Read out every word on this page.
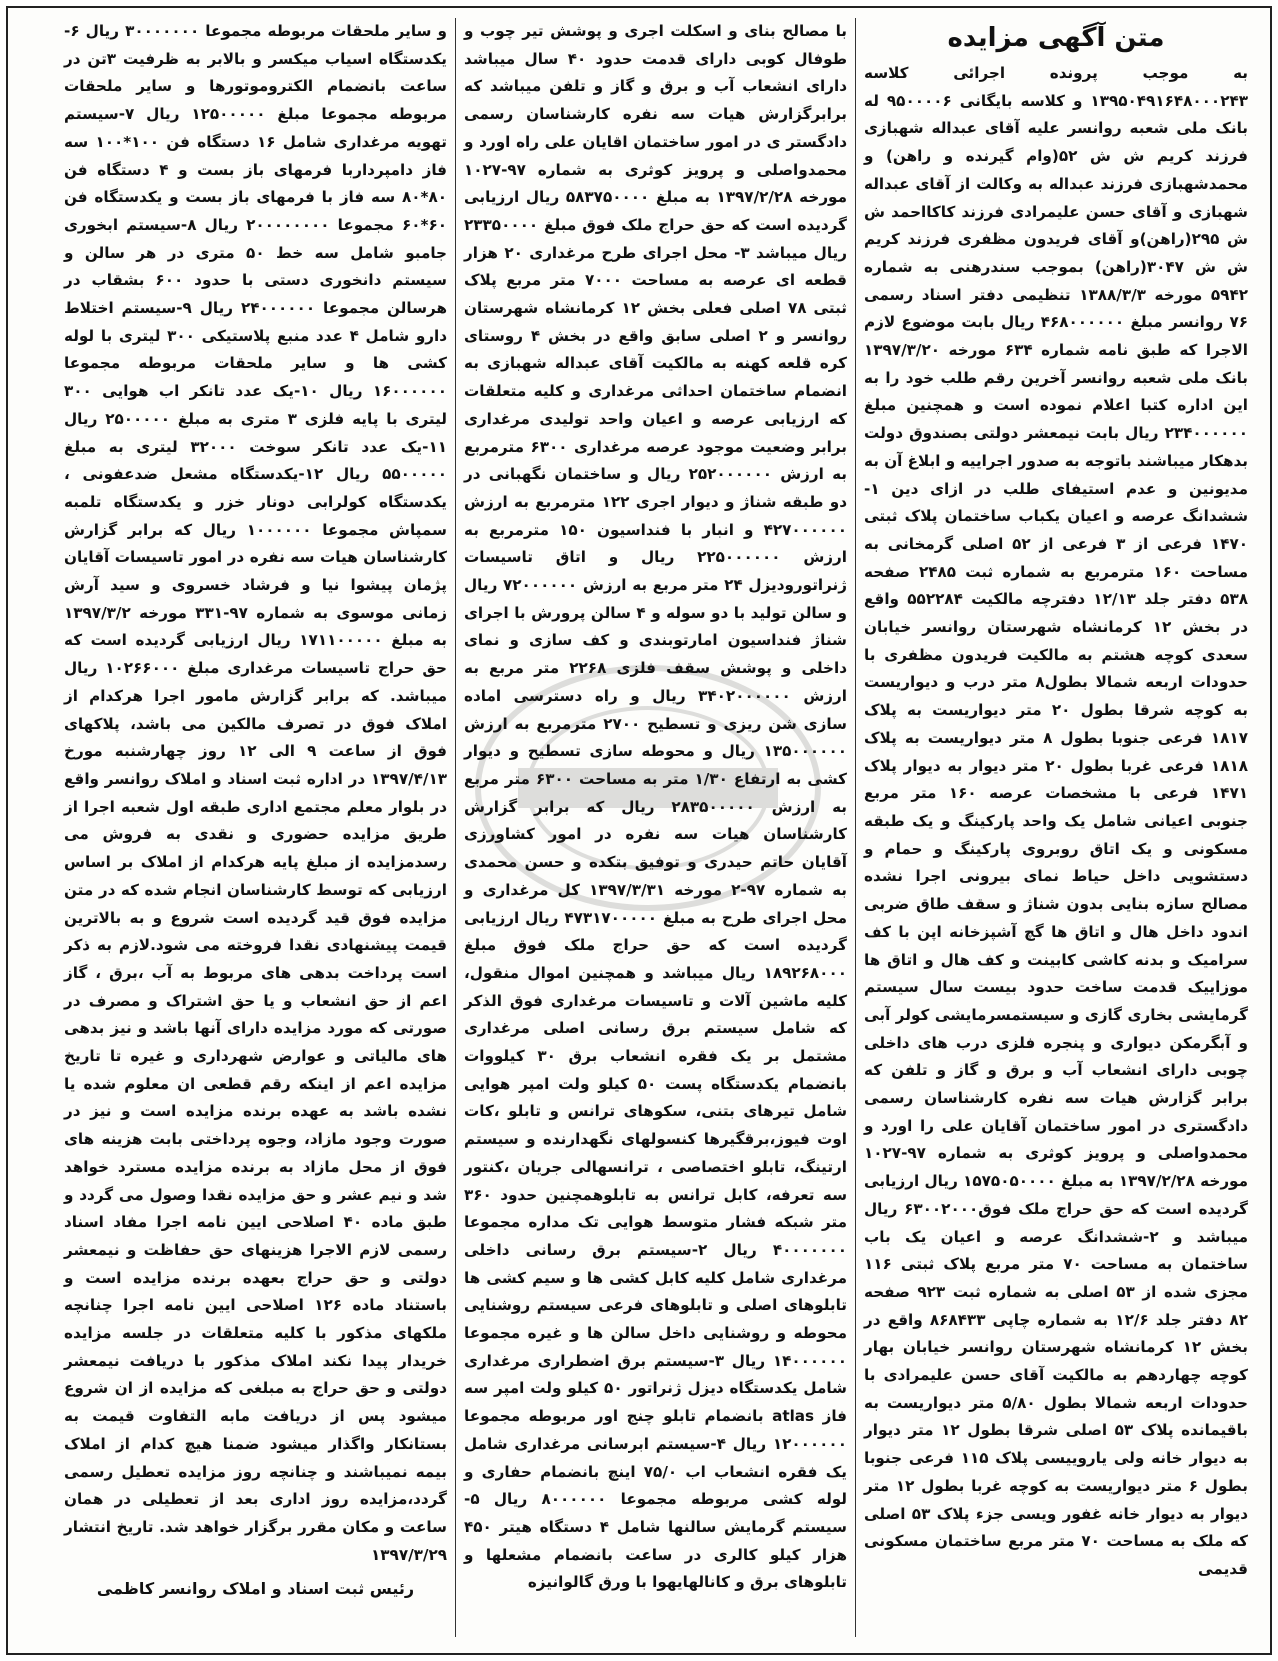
متن آگهی مزایده

به موجب پرونده اجرائی کلاسه ۱۳۹۵۰۴۹۱۶۴۸۰۰۰۲۴۳ و کلاسه بایگانی ۹۵۰۰۰۰۶ له بانک ملی شعبه روانسر علیه آقای عبداله شهبازی فرزند کریم ش ش ۵۲(وام گیرنده و راهن) و محمدشهبازی فرزند عبداله به وکالت از آقای عبداله شهبازی و آقای حسن علیمرادی فرزند کاکااحمد ش ش ۲۹۵(راهن)و آقای فریدون مظفری فرزند کریم ش ش ۳۰۴۷(راهن) بموجب سندرهنی به شماره ۵۹۴۲ مورخه ۱۳۸۸/۳/۳ تنظیمی دفتر اسناد رسمی ۷۶ روانسر مبلغ ۴۶۸۰۰۰۰۰۰ ریال بابت موضوع لازم الاجرا که طبق نامه شماره ۶۳۴ مورخه ۱۳۹۷/۳/۲۰ بانک ملی شعبه روانسر آخرین رقم طلب خود را به این اداره کتبا اعلام نموده است و همچنین مبلغ ۲۳۴۰۰۰۰۰۰ ریال بابت نیمعشر دولتی بصندوق دولت بدهکار میباشند باتوجه به صدور اجراییه و ابلاغ آن به مدیونین و عدم استیفای طلب در ازای دین ۱-ششدانگ عرصه و اعیان یکباب ساختمان پلاک ثبتی ۱۴۷۰ فرعی از ۳ فرعی از ۵۲ اصلی گرمخانی به مساحت ۱۶۰ مترمربع به شماره ثبت ۲۴۸۵ صفحه ۵۳۸ دفتر جلد ۱۲/۱۳ دفترچه مالکیت ۵۵۲۲۸۴ واقع در بخش ۱۲ کرمانشاه شهرستان روانسر خیابان سعدی کوچه هشتم به مالکیت فریدون مظفری با حدودات اربعه شمالا بطول۸ متر درب و دیواریست به کوچه شرقا بطول ۲۰ متر دیواریست به پلاک ۱۸۱۷ فرعی جنوبا بطول ۸ متر دیواریست به پلاک ۱۸۱۸ فرعی غربا بطول ۲۰ متر دیوار به دیوار پلاک ۱۴۷۱ فرعی با مشخصات عرصه ۱۶۰ متر مربع جنوبی اعیانی شامل یک واحد پارکینگ و یک طبقه مسکونی و یک اتاق روبروی پارکینگ و حمام و دستشویی داخل حیاط نمای بیرونی اجرا نشده مصالح سازه بنایی بدون شناژ و سقف طاق ضربی اندود داخل هال و اتاق ها گچ آشپزخانه اپن با کف سرامیک و بدنه کاشی کابینت و کف هال و اتاق ها موزاییک قدمت ساخت حدود بیست سال سیستم گرمایشی بخاری گازی و سیستمسرمایشی کولر آبی و آبگرمکن دیواری و پنجره فلزی درب های داخلی چوبی دارای انشعاب آب و برق و گاز و تلفن که برابر گزارش هیات سه نفره کارشناسان رسمی دادگستری در امور ساختمان آقایان علی را اورد و محمدواصلی و پرویز کوثری به شماره ۹۷-۱۰۲۷ مورخه ۱۳۹۷/۲/۲۸ به مبلغ ۱۵۷۵۰۵۰۰۰۰ ریال ارزیابی گردیده است که حق حراج ملک فوق۶۳۰۰۲۰۰۰ ریال میباشد و ۲-ششدانگ عرصه و اعیان یک باب ساختمان به مساحت ۷۰ متر مربع پلاک ثبتی ۱۱۶ مجزی شده از ۵۳ اصلی به شماره ثبت ۹۲۳ صفحه ۸۲ دفتر جلد ۱۲/۶ به شماره چاپی ۸۶۸۴۳۳ واقع در بخش ۱۲ کرمانشاه شهرستان روانسر خیابان بهار کوچه چهاردهم به مالکیت آقای حسن علیمرادی با حدودات اربعه شمالا بطول ۵/۸۰ متر دیواریست به باقیمانده پلاک ۵۳ اصلی شرقا بطول ۱۲ متر دیوار به دیوار خانه ولی یاروییسی پلاک ۱۱۵ فرعی جنوبا بطول ۶ متر دیواریست به کوچه غربا بطول ۱۲ متر دیوار به دیوار خانه غفور ویسی جزء پلاک ۵۳ اصلی که ملک به مساحت ۷۰ متر مربع ساختمان مسکونی قدیمی

با مصالح بنای و اسکلت اجری و پوشش تیر چوب و طوفال کوبی دارای قدمت حدود ۴۰ سال میباشد دارای انشعاب آب و برق و گاز و تلفن میباشد که برابرگزارش هیات سه نفره کارشناسان رسمی دادگستر ی در امور ساختمان اقایان علی راه اورد و محمدواصلی و پرویز کوثری به شماره ۹۷-۱۰۲۷ مورخه ۱۳۹۷/۲/۲۸ به مبلغ ۵۸۳۷۵۰۰۰۰ ریال ارزیابی گردیده است که حق حراج ملک فوق مبلغ ۲۳۳۵۰۰۰۰ ریال میباشد ۳- محل اجرای طرح مرغداری ۲۰ هزار قطعه ای عرصه به مساحت ۷۰۰۰ متر مربع پلاک ثبتی ۷۸ اصلی فعلی بخش ۱۲ کرمانشاه شهرستان روانسر و ۲ اصلی سابق واقع در بخش ۴ روستای کره قلعه کهنه به مالکیت آقای عبداله شهبازی به انضمام ساختمان احداثی مرغداری و کلیه متعلقات که ارزیابی عرصه و اعیان واحد تولیدی مرغداری برابر وضعیت موجود عرصه مرغداری ۶۳۰۰ مترمربع به ارزش ۲۵۲۰۰۰۰۰۰ ریال و ساختمان نگهبانی در دو طبقه شناژ و دیوار اجری ۱۲۲ مترمربع به ارزش ۴۲۷۰۰۰۰۰۰ و انبار با فنداسیون ۱۵۰ مترمربع به ارزش ۲۲۵۰۰۰۰۰۰ ریال و اتاق تاسیسات ژنراتورودیزل ۲۴ متر مربع به ارزش ۷۲۰۰۰۰۰۰ ریال و سالن تولید با دو سوله و ۴ سالن پرورش با اجرای شناژ فنداسیون امارتوبندی و کف سازی و نمای داخلی و پوشش سقف فلزی ۲۲۶۸ متر مربع به ارزش ۳۴۰۲۰۰۰۰۰۰ ریال و راه دسترسی اماده سازی شن ریزی و تسطیح ۲۷۰۰ مترمربع به ارزش ۱۳۵۰۰۰۰۰۰ ریال و محوطه سازی تسطیح و دیوار کشی به ارتفاع ۱/۳۰ متر به مساحت ۶۳۰۰ متر مربع به ارزش ۲۸۳۵۰۰۰۰۰ ریال که برابر گزارش کارشناسان هیات سه نفره در امور کشاورزی آقایان حاتم حیدری و توفیق بتکده و حسن محمدی به شماره ۹۷-۲ مورخه ۱۳۹۷/۳/۳۱ کل مرغداری و محل اجرای طرح به مبلغ ۴۷۳۱۷۰۰۰۰۰ ریال ارزیابی گردیده است که حق حراج ملک فوق مبلغ ۱۸۹۲۶۸۰۰۰ ریال میباشد و همچنین اموال منقول، کلیه ماشین آلات و تاسیسات مرغداری فوق الذکر که شامل سیستم برق رسانی اصلی مرغداری مشتمل بر یک فقره انشعاب برق ۳۰ کیلووات بانضمام یکدستگاه پست ۵۰ کیلو ولت امپر هوایی شامل تیرهای بتنی، سکوهای ترانس و تابلو ،کات اوت فیوز،برقگیرها کنسولهای نگهدارنده و سیستم ارتینگ، تابلو اختصاصی ، ترانسهالی جریان ،کنتور سه تعرفه، کابل ترانس به تابلوهمچنین حدود ۳۶۰ متر شبکه فشار متوسط هوایی تک مداره مجموعا ۴۰۰۰۰۰۰۰ ریال ۲-سیستم برق رسانی داخلی مرغداری شامل کلیه کابل کشی ها و سیم کشی ها تابلوهای اصلی و تابلوهای فرعی سیستم روشنایی محوطه و روشنایی داخل سالن ها و غیره مجموعا ۱۴۰۰۰۰۰۰ ریال ۳-سیستم برق اضطراری مرغداری شامل یکدستگاه دیزل ژنراتور ۵۰ کیلو ولت امپر سه فاز atlas بانضمام تابلو چنج اور مربوطه مجموعا ۱۲۰۰۰۰۰۰ ریال ۴-سیستم ابرسانی مرغداری شامل یک فقره انشعاب اب ۷۵/۰ اینچ بانضمام حفاری و لوله کشی مربوطه مجموعا ۸۰۰۰۰۰۰ ریال ۵-سیستم گرمایش سالنها شامل ۴ دستگاه هیتر ۴۵۰ هزار کیلو کالری در ساعت بانضمام مشعلها و تابلوهای برق و کانالهایهوا با ورق گالوانیزه

و سایر ملحقات مربوطه مجموعا ۳۰۰۰۰۰۰۰ ریال ۶-یکدستگاه اسیاب میکسر و بالابر به ظرفیت ۳تن در ساعت بانضمام الکتروموتورها و سایر ملحقات مربوطه مجموعا مبلغ ۱۲۵۰۰۰۰۰ ریال ۷-سیستم تهویه مرغداری شامل ۱۶ دستگاه فن ۱۰۰*۱۰۰ سه فاز دامپرداربا فرمهای باز بست و ۴ دستگاه فن ۸۰*۸۰ سه فاز با فرمهای باز بست و یکدستگاه فن ۶۰*۶۰ مجموعا ۲۰۰۰۰۰۰۰۰ ریال ۸-سیستم ابخوری جامبو شامل سه خط ۵۰ متری در هر سالن و سیستم دانخوری دستی با حدود ۶۰۰ بشقاب در هرسالن مجموعا ۲۴۰۰۰۰۰۰ ریال ۹-سیستم اختلاط دارو شامل ۴ عدد منبع پلاستیکی ۳۰۰ لیتری با لوله کشی ها و سایر ملحقات مربوطه مجموعا ۱۶۰۰۰۰۰۰ ریال ۱۰-یک عدد تانکر اب هوایی ۳۰۰ لیتری با پایه فلزی ۳ متری به مبلغ ۲۵۰۰۰۰۰ ریال ۱۱-یک عدد تانکر سوخت ۳۲۰۰۰ لیتری به مبلغ ۵۵۰۰۰۰۰ ریال ۱۲-یکدستگاه مشعل ضدعفونی ، یکدستگاه کولرابی دونار خزر و یکدستگاه تلمبه سمپاش مجموعا ۱۰۰۰۰۰۰ ریال که برابر گزارش کارشناسان هیات سه نفره در امور تاسیسات آقایان پژمان پیشوا نیا و فرشاد خسروی و سید آرش زمانی موسوی به شماره ۹۷-۳۳۱ مورخه ۱۳۹۷/۳/۲ به مبلغ ۱۷۱۱۰۰۰۰۰ ریال ارزیابی گردیده است که حق حراج تاسیسات مرغداری مبلغ ۱۰۲۶۶۰۰۰ ریال میباشد. که برابر گزارش مامور اجرا هرکدام از املاک فوق در تصرف مالکین می باشد، پلاکهای فوق از ساعت ۹ الی ۱۲ روز چهارشنبه مورخ ۱۳۹۷/۴/۱۳ در اداره ثبت اسناد و املاک روانسر واقع در بلوار معلم مجتمع اداری طبقه اول شعبه اجرا از طریق مزایده حضوری و نقدی به فروش می رسدمزایده از مبلغ پایه هرکدام از املاک بر اساس ارزیابی که توسط کارشناسان انجام شده که در متن مزایده فوق قید گردیده است شروع و به بالاترین قیمت پیشنهادی نقدا فروخته می شود.لازم به ذکر است پرداخت بدهی های مربوط به آب ،برق ، گاز اعم از حق انشعاب و یا حق اشتراک و مصرف در صورتی که مورد مزایده دارای آنها باشد و نیز بدهی های مالیاتی و عوارض شهرداری و غیره تا تاریخ مزایده اعم از اینکه رقم قطعی ان معلوم شده یا نشده باشد به عهده برنده مزایده است و نیز در صورت وجود مازاد، وجوه پرداختی بابت هزینه های فوق از محل مازاد به برنده مزایده مسترد خواهد شد و نیم عشر و حق مزایده نقدا وصول می گردد و طبق ماده ۴۰ اصلاحی ایین نامه اجرا مفاد اسناد رسمی لازم الاجرا هزینهای حق حفاظت و نیمعشر دولتی و حق حراج بعهده برنده مزایده است و باستناد ماده ۱۲۶ اصلاحی ایین نامه اجرا چنانچه ملکهای مذکور با کلیه متعلقات در جلسه مزایده خریدار پیدا نکند املاک مذکور با دریافت نیمعشر دولتی و حق حراج به مبلغی که مزایده از ان شروع میشود پس از دریافت مابه التفاوت قیمت به بستانکار واگذار میشود ضمنا هیچ کدام از املاک بیمه نمیباشند و چنانچه روز مزایده تعطیل رسمی گردد،مزایده روز اداری بعد از تعطیلی در همان ساعت و مکان مقرر برگزار خواهد شد. تاریخ انتشار ۱۳۹۷/۳/۲۹

رئیس ثبت اسناد و املاک روانسر کاظمی
